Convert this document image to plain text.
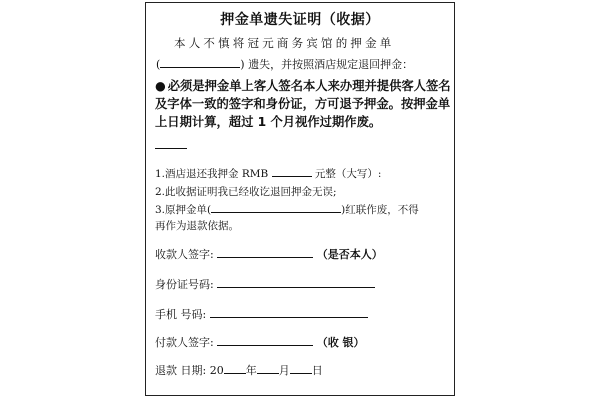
押金单遗失证明（收据）
本人不慎将冠元商务宾馆的押金单
(	) 遗失，并按照酒店规定退回押金：
● 必须是押金单上客人签名本人来办理并提供客人签名及字体一致的签字和身份证，方可退予押金。按押金单上日期计算，超过 1 个月视作过期作废。
1.酒店退还我押金 RMB	元整（大写）:
2.此收据证明我已经收讫退回押金无误;
3.原押金单(	)红联作废，不得
再作为退款依据。
收款人签字:	（是否本人）
身份证号码:
手机 号码:
付款人签字:	（收 银）
退款 日期: 20 年 月 日
